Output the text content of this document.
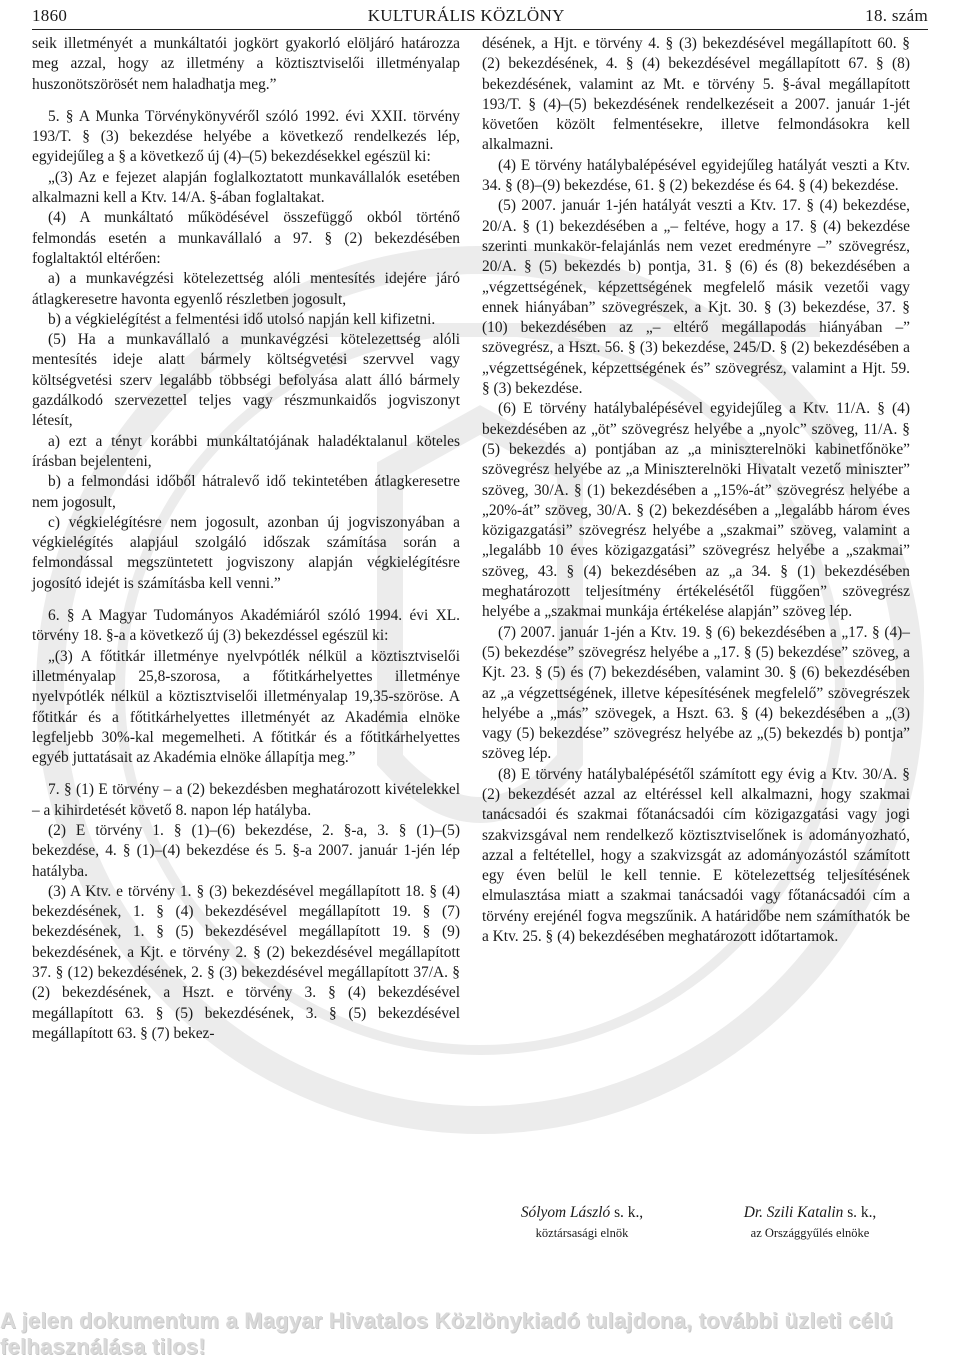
1860	KULTURÁLIS KÖZLÖNY	18. szám

seik illetményét a munkáltatói jogkört gyakorló elöljáró határozza meg azzal, hogy az illetmény a köztisztviselői illetményalap huszonötszörösét nem haladhatja meg.”

5. § A Munka Törvénykönyvéről szóló 1992. évi XXII. törvény 193/T. § (3) bekezdése helyébe a következő rendelkezés lép, egyidejűleg a § a következő új (4)–(5) bekezdésekkel egészül ki:

„(3) Az e fejezet alapján foglalkoztatott munkavállalók esetében alkalmazni kell a Ktv. 14/A. §-ában foglaltakat.

(4) A munkáltató működésével összefüggő okból történő felmondás esetén a munkavállaló a 97. § (2) bekezdésében foglaltaktól eltérően:

a) a munkavégzési kötelezettség alóli mentesítés idejére járó átlagkeresetre havonta egyenlő részletben jogosult,

b) a végkielégítést a felmentési idő utolsó napján kell kifizetni.

(5) Ha a munkavállaló a munkavégzési kötelezettség alóli mentesítés ideje alatt bármely költségvetési szervvel vagy költségvetési szerv legalább többségi befolyása alatt álló bármely gazdálkodó szervezettel teljes vagy részmunkaidős jogviszonyt létesít,

a) ezt a tényt korábbi munkáltatójának haladéktalanul köteles írásban bejelenteni,

b) a felmondási időből hátralevő idő tekintetében átlagkeresetre nem jogosult,

c) végkielégítésre nem jogosult, azonban új jogviszonyában a végkielégítés alapjául szolgáló időszak számítása során a felmondással megszüntetett jogviszony alapján végkielégítésre jogosító idejét is számításba kell venni.”

6. § A Magyar Tudományos Akadémiáról szóló 1994. évi XL. törvény 18. §-a a következő új (3) bekezdéssel egészül ki:

„(3) A főtitkár illetménye nyelvpótlék nélkül a köztisztviselői illetményalap 25,8-szorosa, a főtitkárhelyettes illetménye nyelvpótlék nélkül a köztisztviselői illetményalap 19,35-szöröse. A főtitkár és a főtitkárhelyettes illetményét az Akadémia elnöke legfeljebb 30%-kal megemelheti. A főtitkár és a főtitkárhelyettes egyéb juttatásait az Akadémia elnöke állapítja meg.”

7. § (1) E törvény – a (2) bekezdésben meghatározott kivételekkel – a kihirdetését követő 8. napon lép hatályba.

(2) E törvény 1. § (1)–(6) bekezdése, 2. §-a, 3. § (1)–(5) bekezdése, 4. § (1)–(4) bekezdése és 5. §-a 2007. január 1-jén lép hatályba.

(3) A Ktv. e törvény 1. § (3) bekezdésével megállapított 18. § (4) bekezdésének, 1. § (4) bekezdésével megállapított 19. § (7) bekezdésének, 1. § (5) bekezdésével megállapított 19. § (9) bekezdésének, a Kjt. e törvény 2. § (2) bekezdésével megállapított 37. § (12) bekezdésének, 2. § (3) bekezdésével megállapított 37/A. § (2) bekezdésének, a Hszt. e törvény 3. § (4) bekezdésével megállapított 63. § (5) bekezdésének, 3. § (5) bekezdésével megállapított 63. § (7) bekez-

désének, a Hjt. e törvény 4. § (3) bekezdésével megállapított 60. § (2) bekezdésének, 4. § (4) bekezdésével megállapított 67. § (8) bekezdésének, valamint az Mt. e törvény 5. §-ával megállapított 193/T. § (4)–(5) bekezdésének rendelkezéseit a 2007. január 1-jét követően közölt felmentésekre, illetve felmondásokra kell alkalmazni.

(4) E törvény hatálybalépésével egyidejűleg hatályát veszti a Ktv. 34. § (8)–(9) bekezdése, 61. § (2) bekezdése és 64. § (4) bekezdése.

(5) 2007. január 1-jén hatályát veszti a Ktv. 17. § (4) bekezdése, 20/A. § (1) bekezdésében a „– feltéve, hogy a 17. § (4) bekezdése szerinti munkakör-felajánlás nem vezet eredményre –” szövegrész, 20/A. § (5) bekezdés b) pontja, 31. § (6) és (8) bekezdésében a „végzettségének, képzettségének megfelelő másik vezetői vagy ennek hiányában” szövegrészek, a Kjt. 30. § (3) bekezdése, 37. § (10) bekezdésében az „– eltérő megállapodás hiányában –” szövegrész, a Hszt. 56. § (3) bekezdése, 245/D. § (2) bekezdésében a „végzettségének, képzettségének és” szövegrész, valamint a Hjt. 59. § (3) bekezdése.

(6) E törvény hatálybalépésével egyidejűleg a Ktv. 11/A. § (4) bekezdésében az „öt” szövegrész helyébe a „nyolc” szöveg, 11/A. § (5) bekezdés a) pontjában az „a miniszterelnöki kabinetfőnöke” szövegrész helyébe az „a Miniszterelnöki Hivatalt vezető miniszter” szöveg, 30/A. § (1) bekezdésében a „15%-át” szövegrész helyébe a „20%-át” szöveg, 30/A. § (2) bekezdésében a „legalább három éves közigazgatási” szövegrész helyébe a „szakmai” szöveg, valamint a „legalább 10 éves közigazgatási” szövegrész helyébe a „szakmai” szöveg, 43. § (4) bekezdésében az „a 34. § (1) bekezdésében meghatározott teljesítmény értékelésétől függően” szövegrész helyébe a „szakmai munkája értékelése alapján” szöveg lép.

(7) 2007. január 1-jén a Ktv. 19. § (6) bekezdésében a „17. § (4)–(5) bekezdése” szövegrész helyébe a „17. § (5) bekezdése” szöveg, a Kjt. 23. § (5) és (7) bekezdésében, valamint 30. § (6) bekezdésében az „a végzettségének, illetve képesítésének megfelelő” szövegrészek helyébe a „más” szövegek, a Hszt. 63. § (4) bekezdésében a „(3) vagy (5) bekezdése” szövegrész helyébe az „(5) bekezdés b) pontja” szöveg lép.

(8) E törvény hatálybalépésétől számított egy évig a Ktv. 30/A. § (2) bekezdését azzal az eltéréssel kell alkalmazni, hogy szakmai tanácsadói és szakmai főtanácsadói cím közigazgatási vagy jogi szakvizsgával nem rendelkező köztisztviselőnek is adományozható, azzal a feltétellel, hogy a szakvizsgát az adományozástól számított egy éven belül le kell tennie. E kötelezettség teljesítésének elmulasztása miatt a szakmai tanácsadói vagy főtanácsadói cím a törvény erejénél fogva megszűnik. A határidőbe nem számíthatók be a Ktv. 25. § (4) bekezdésében meghatározott időtartamok.

Sólyom László s. k.,
köztársasági elnök
Dr. Szili Katalin s. k.,
az Országgyűlés elnöke
A jelen dokumentum a Magyar Hivatalos Közlönykiadó tulajdona, további üzleti célú felhasználása tilos!
